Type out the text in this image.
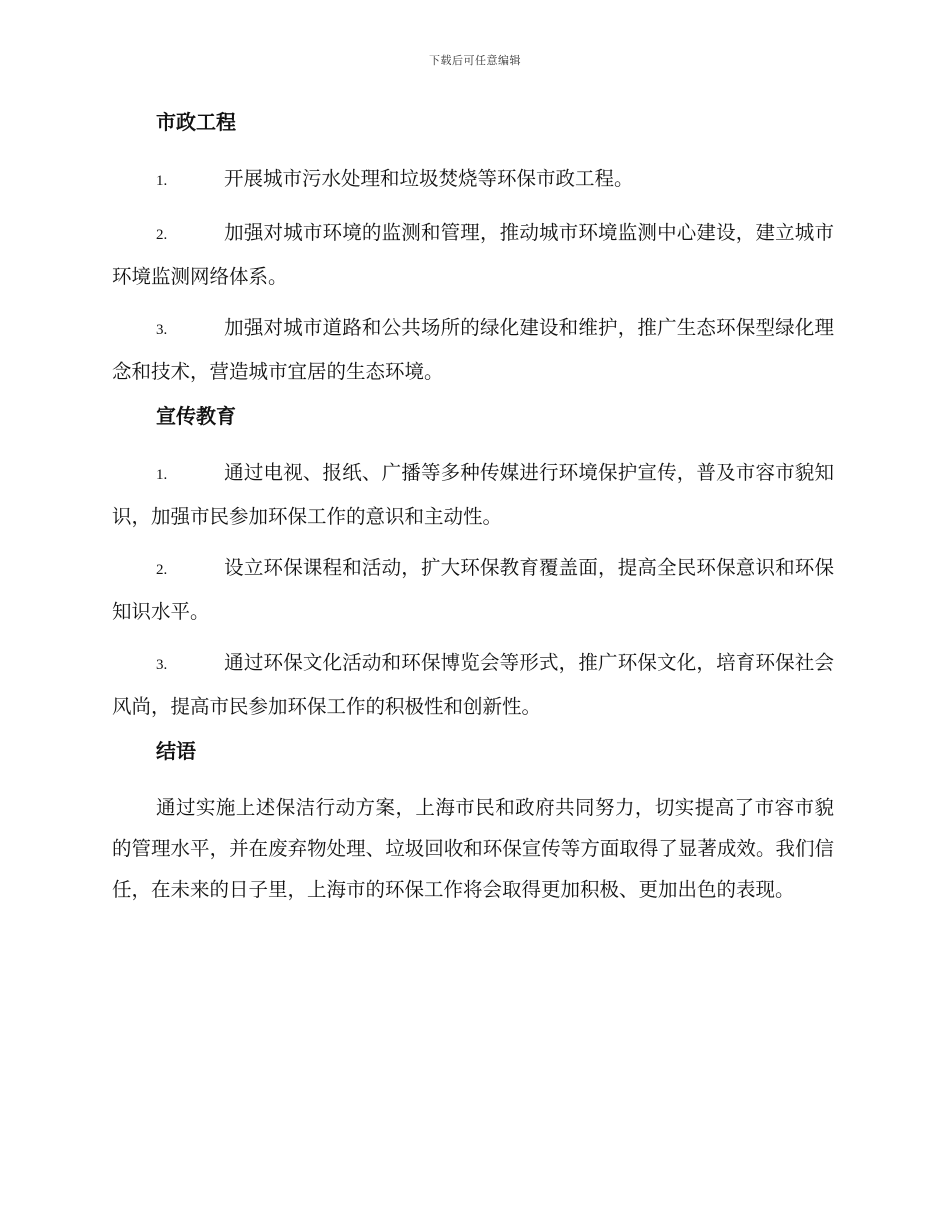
下载后可任意编辑
市政工程
1.	开展城市污水处理和垃圾焚烧等环保市政工程。
2.	加强对城市环境的监测和管理，推动城市环境监测中心建设，建立城市环境监测网络体系。
3.	加强对城市道路和公共场所的绿化建设和维护，推广生态环保型绿化理念和技术，营造城市宜居的生态环境。
宣传教育
1.	通过电视、报纸、广播等多种传媒进行环境保护宣传，普及市容市貌知识，加强市民参加环保工作的意识和主动性。
2.	设立环保课程和活动，扩大环保教育覆盖面，提高全民环保意识和环保知识水平。
3.	通过环保文化活动和环保博览会等形式，推广环保文化，培育环保社会风尚，提高市民参加环保工作的积极性和创新性。
结语

通过实施上述保洁行动方案，上海市民和政府共同努力，切实提高了市容市貌的管理水平，并在废弃物处理、垃圾回收和环保宣传等方面取得了显著成效。我们信任，在未来的日子里，上海市的环保工作将会取得更加积极、更加出色的表现。
